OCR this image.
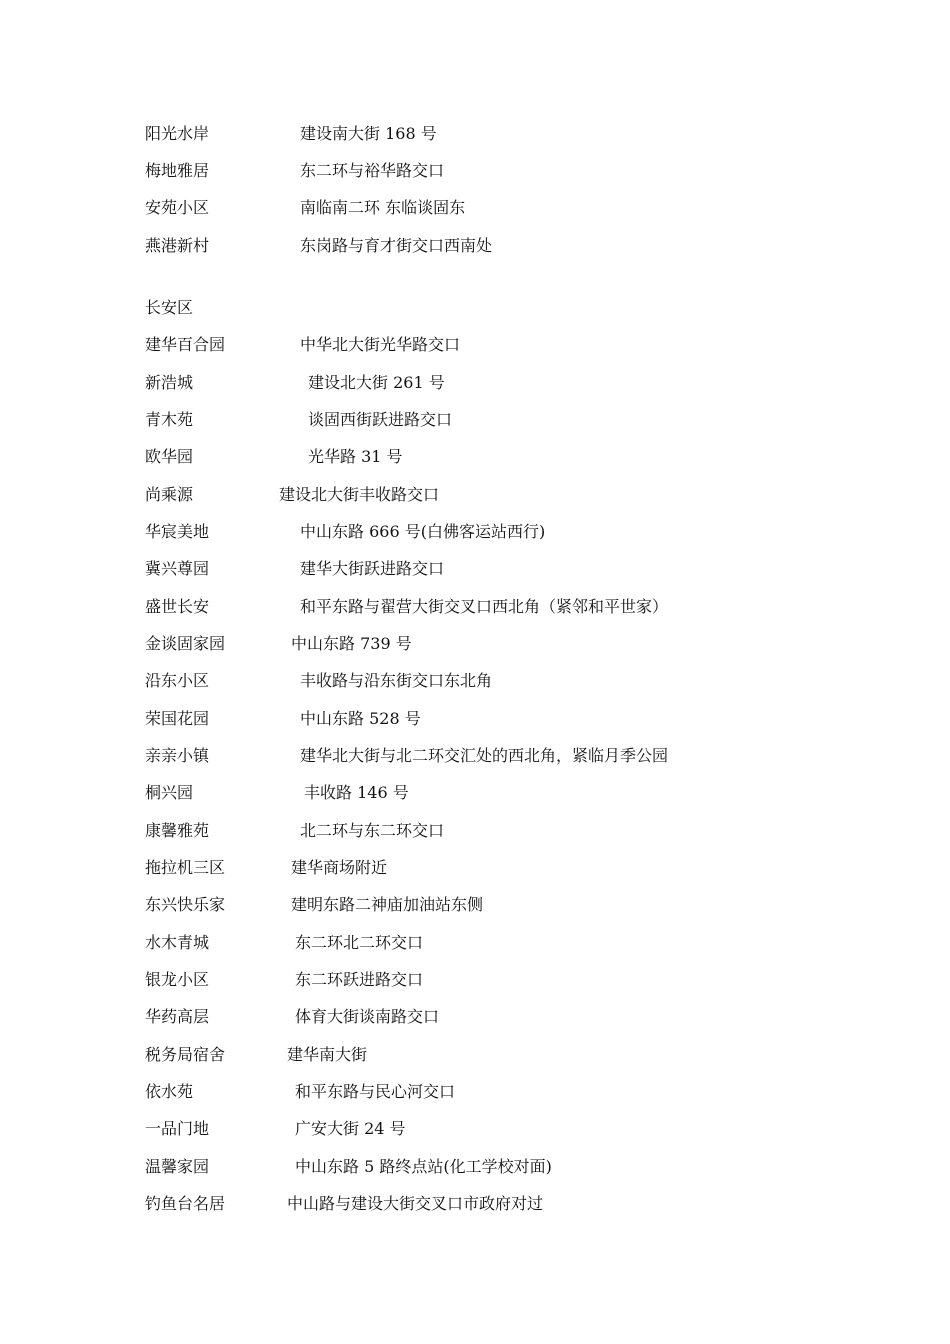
阳光水岸	建设南大街 168 号
梅地雅居	东二环与裕华路交口
安苑小区	南临南二环 东临谈固东
燕港新村	东岗路与育才街交口西南处
长安区
建华百合园	中华北大街光华路交口
新浩城	建设北大街 261 号
青木苑	谈固西街跃进路交口
欧华园	光华路 31 号
尚乘源	建设北大街丰收路交口
华宸美地	中山东路 666 号(白佛客运站西行)
冀兴尊园	建华大街跃进路交口
盛世长安	和平东路与翟营大街交叉口西北角（紧邻和平世家）
金谈固家园	中山东路 739 号
沿东小区	丰收路与沿东街交口东北角
荣国花园	中山东路 528 号
亲亲小镇	建华北大街与北二环交汇处的西北角，紧临月季公园
桐兴园	丰收路 146 号
康馨雅苑	北二环与东二环交口
拖拉机三区	建华商场附近
东兴快乐家	建明东路二神庙加油站东侧
水木青城	东二环北二环交口
银龙小区	东二环跃进路交口
华药高层	体育大街谈南路交口
税务局宿舍	建华南大街
依水苑	和平东路与民心河交口
一品门地	广安大街 24 号
温馨家园	中山东路 5 路终点站(化工学校对面)
钓鱼台名居	中山路与建设大街交叉口市政府对过
